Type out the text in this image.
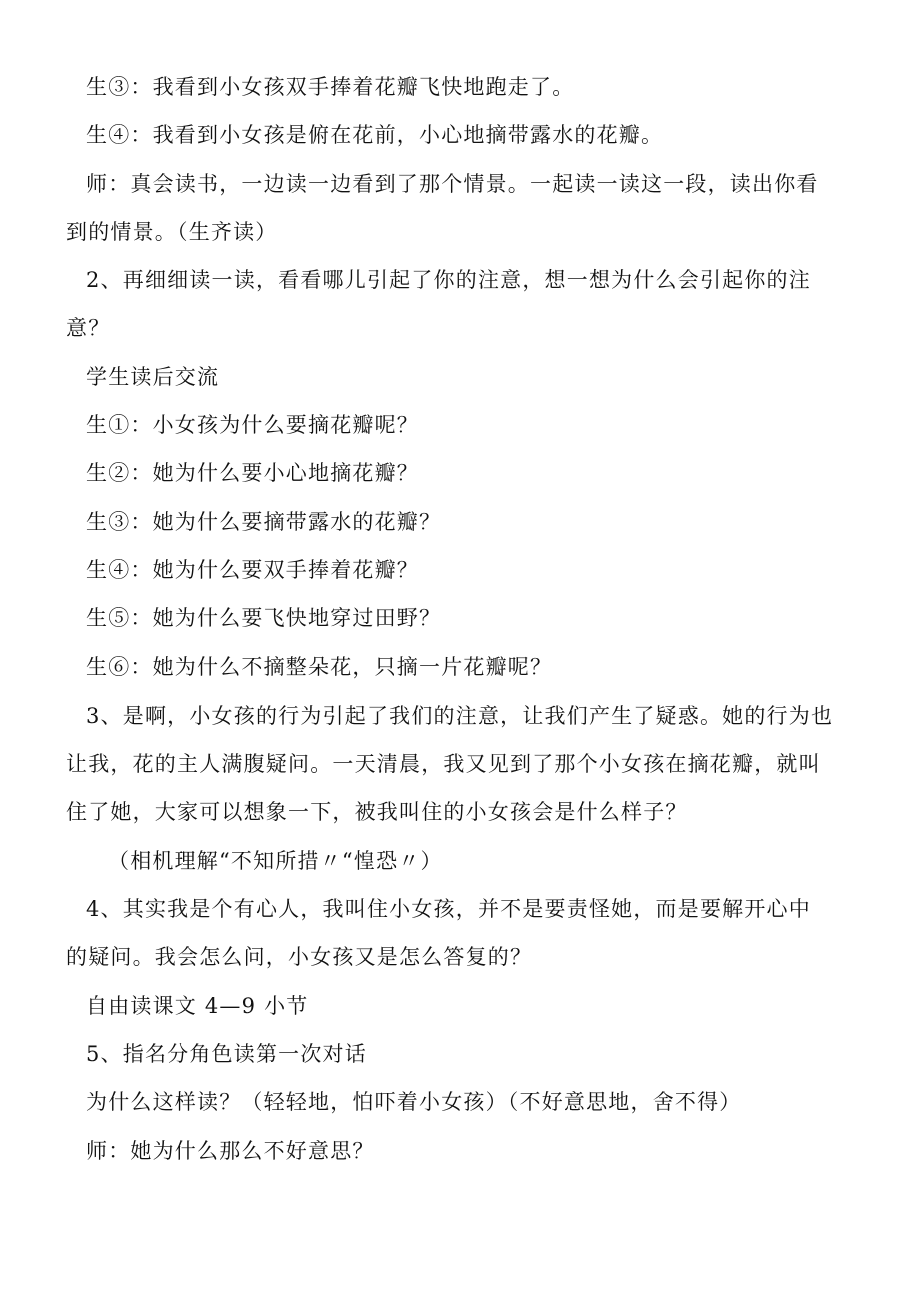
生③：我看到小女孩双手捧着花瓣飞快地跑走了。
生④：我看到小女孩是俯在花前，小心地摘带露水的花瓣。
师：真会读书，一边读一边看到了那个情景。一起读一读这一段，读出你看
到的情景。（生齐读）
2、再细细读一读，看看哪儿引起了你的注意，想一想为什么会引起你的注
意？
学生读后交流
生①：小女孩为什么要摘花瓣呢？
生②：她为什么要小心地摘花瓣？
生③：她为什么要摘带露水的花瓣？
生④：她为什么要双手捧着花瓣？
生⑤：她为什么要飞快地穿过田野？
生⑥：她为什么不摘整朵花，只摘一片花瓣呢？
3、是啊，小女孩的行为引起了我们的注意，让我们产生了疑惑。她的行为也
让我，花的主人满腹疑问。一天清晨，我又见到了那个小女孩在摘花瓣，就叫
住了她，大家可以想象一下，被我叫住的小女孩会是什么样子？
（相机理解“不知所措〃“惶恐〃）
4、其实我是个有心人，我叫住小女孩，并不是要责怪她，而是要解开心中
的疑问。我会怎么问，小女孩又是怎么答复的？
自由读课文 4—9 小节
5、指名分角色读第一次对话
为什么这样读？（轻轻地，怕吓着小女孩）（不好意思地，舍不得）
师：她为什么那么不好意思？
